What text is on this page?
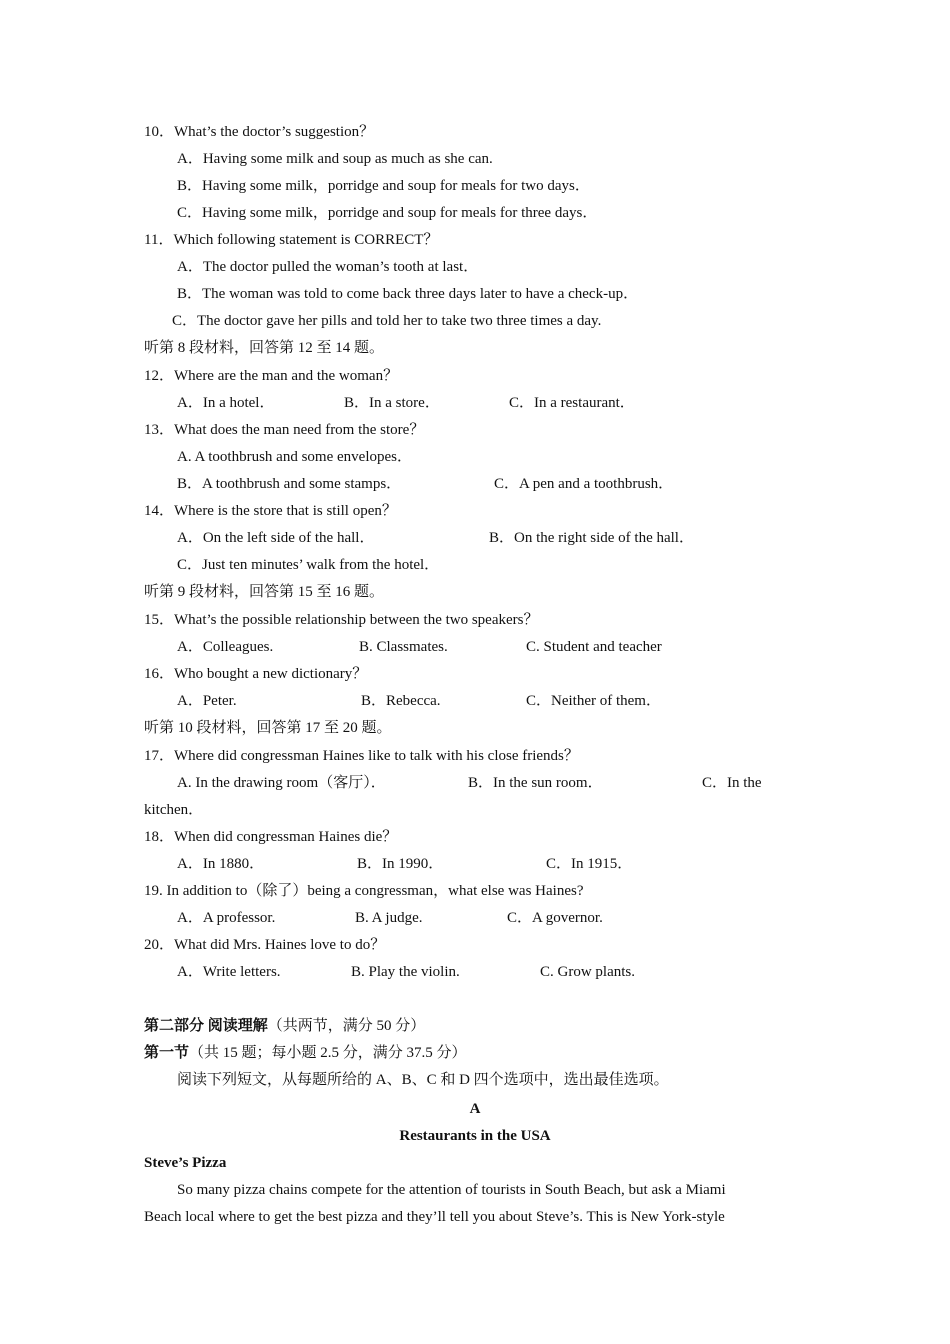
10．What’s the doctor’s suggestion？
A．Having some milk and soup as much as she can.
B．Having some milk，porridge and soup for meals for two days．
C．Having some milk，porridge and soup for meals for three days．
11．Which following statement is CORRECT？
A．The doctor pulled the woman’s tooth at last．
B．The woman was told to come back three days later to have a check-up．
C．The doctor gave her pills and told her to take two three times a day.
听第 8 段材料，回答第 12 至 14 题。
12．Where are the man and the woman？
A．In a hotel．	B．In a store．	C．In a restaurant．
13．What does the man need from the store？
A. A toothbrush and some envelopes．
B．A toothbrush and some stamps．	C．A pen and a toothbrush．
14．Where is the store that is still open？
A．On the left side of the hall．	B．On the right side of the hall．
C．Just ten minutes’ walk from the hotel．
听第 9 段材料，回答第 15 至 16 题。
15．What’s the possible relationship between the two speakers？
A．Colleagues.	B. Classmates.	C. Student and teacher
16．Who bought a new dictionary？
A．Peter.	B．Rebecca.	C．Neither of them．
听第 10 段材料，回答第 17 至 20 题。
17．Where did congressman Haines like to talk with his close friends？
A. In the drawing room（客厅）．	B．In the sun room．	C．In the
kitchen．
18．When did congressman Haines die？
A．In 1880．	B．In 1990．	C．In 1915．
19. In addition to（除了）being a congressman，what else was Haines?
A．A professor.	B. A judge.	C．A governor.
20．What did Mrs. Haines love to do？
A．Write letters.	B. Play the violin.	C. Grow plants.
第二部分 阅读理解（共两节，满分 50 分）
第一节（共 15 题；每小题 2.5 分，满分 37.5 分）
阅读下列短文，从每题所给的 A、B、C 和 D 四个选项中，选出最佳选项。
A
Restaurants in the USA
Steve’s Pizza
So many pizza chains compete for the attention of tourists in South Beach, but ask a Miami
Beach local where to get the best pizza and they’ll tell you about Steve’s. This is New York-style
